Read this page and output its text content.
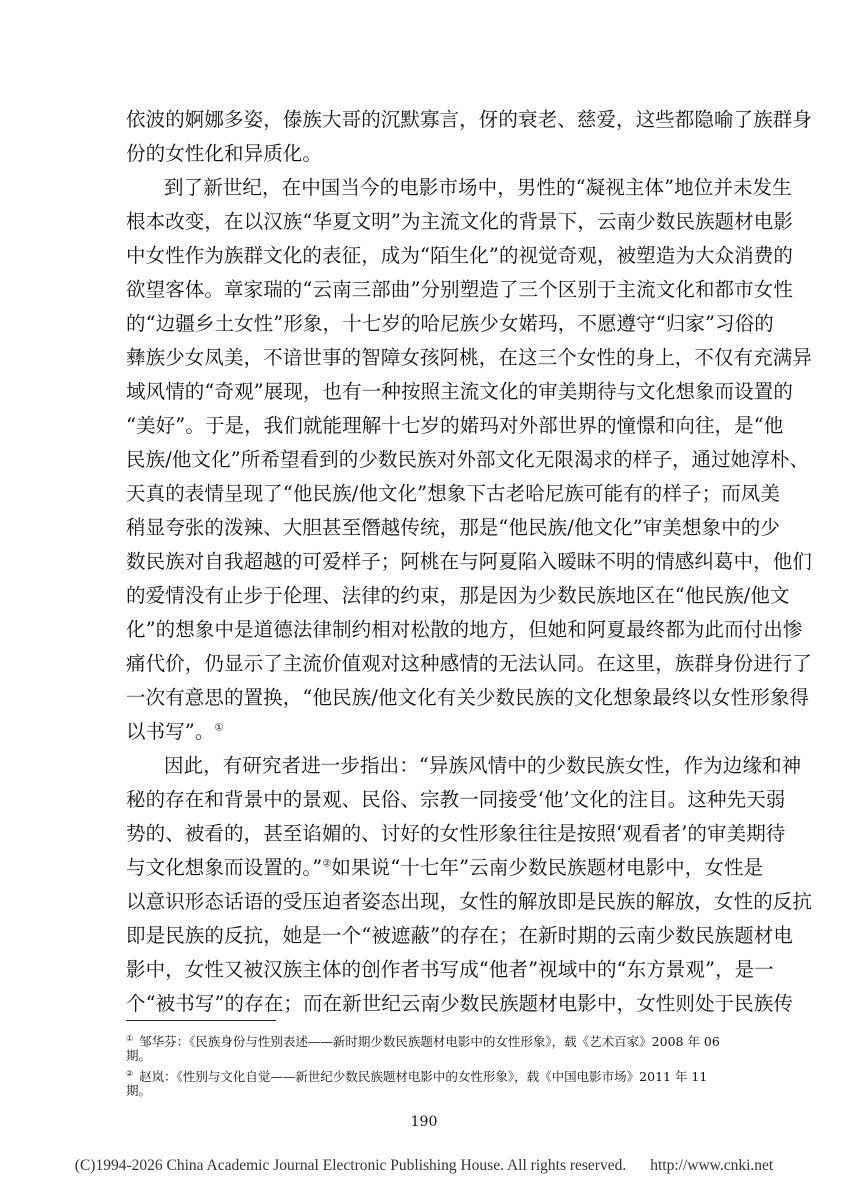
依波的婀娜多姿，傣族大哥的沉默寡言，伢的衰老、慈爱，这些都隐喻了族群身
份的女性化和异质化。
到了新世纪，在中国当今的电影市场中，男性的“凝视主体”地位并未发生
根本改变，在以汉族“华夏文明”为主流文化的背景下，云南少数民族题材电影
中女性作为族群文化的表征，成为“陌生化”的视觉奇观，被塑造为大众消费的
欲望客体。章家瑞的“云南三部曲”分别塑造了三个区别于主流文化和都市女性
的“边疆乡土女性”形象，十七岁的哈尼族少女婼玛，不愿遵守“归家”习俗的
彝族少女凤美，不谙世事的智障女孩阿桃，在这三个女性的身上，不仅有充满异
域风情的“奇观”展现，也有一种按照主流文化的审美期待与文化想象而设置的
“美好”。于是，我们就能理解十七岁的婼玛对外部世界的憧憬和向往，是“他
民族/他文化”所希望看到的少数民族对外部文化无限渴求的样子，通过她淳朴、
天真的表情呈现了“他民族/他文化”想象下古老哈尼族可能有的样子；而凤美
稍显夸张的泼辣、大胆甚至僭越传统，那是“他民族/他文化”审美想象中的少
数民族对自我超越的可爱样子；阿桃在与阿夏陷入暧昧不明的情感纠葛中，他们
的爱情没有止步于伦理、法律的约束，那是因为少数民族地区在“他民族/他文
化”的想象中是道德法律制约相对松散的地方，但她和阿夏最终都为此而付出惨
痛代价，仍显示了主流价值观对这种感情的无法认同。在这里，族群身份进行了
一次有意思的置换，“他民族/他文化有关少数民族的文化想象最终以女性形象得
以书写”。①
因此，有研究者进一步指出：“异族风情中的少数民族女性，作为边缘和神
秘的存在和背景中的景观、民俗、宗教一同接受‘他’文化的注目。这种先天弱
势的、被看的，甚至谄媚的、讨好的女性形象往往是按照‘观看者’的审美期待
与文化想象而设置的。”②如果说“十七年”云南少数民族题材电影中，女性是
以意识形态话语的受压迫者姿态出现，女性的解放即是民族的解放，女性的反抗
即是民族的反抗，她是一个“被遮蔽”的存在；在新时期的云南少数民族题材电
影中，女性又被汉族主体的创作者书写成“他者”视域中的“东方景观”，是一
个“被书写”的存在；而在新世纪云南少数民族题材电影中，女性则处于民族传
① 邹华芬：《民族身份与性别表述——新时期少数民族题材电影中的女性形象》，载《艺术百家》2008 年 06
期。
② 赵岚：《性别与文化自觉——新世纪少数民族题材电影中的女性形象》，载《中国电影市场》2011 年 11
期。
190
(C)1994-2026 China Academic Journal Electronic Publishing House. All rights reserved. http://www.cnki.net
